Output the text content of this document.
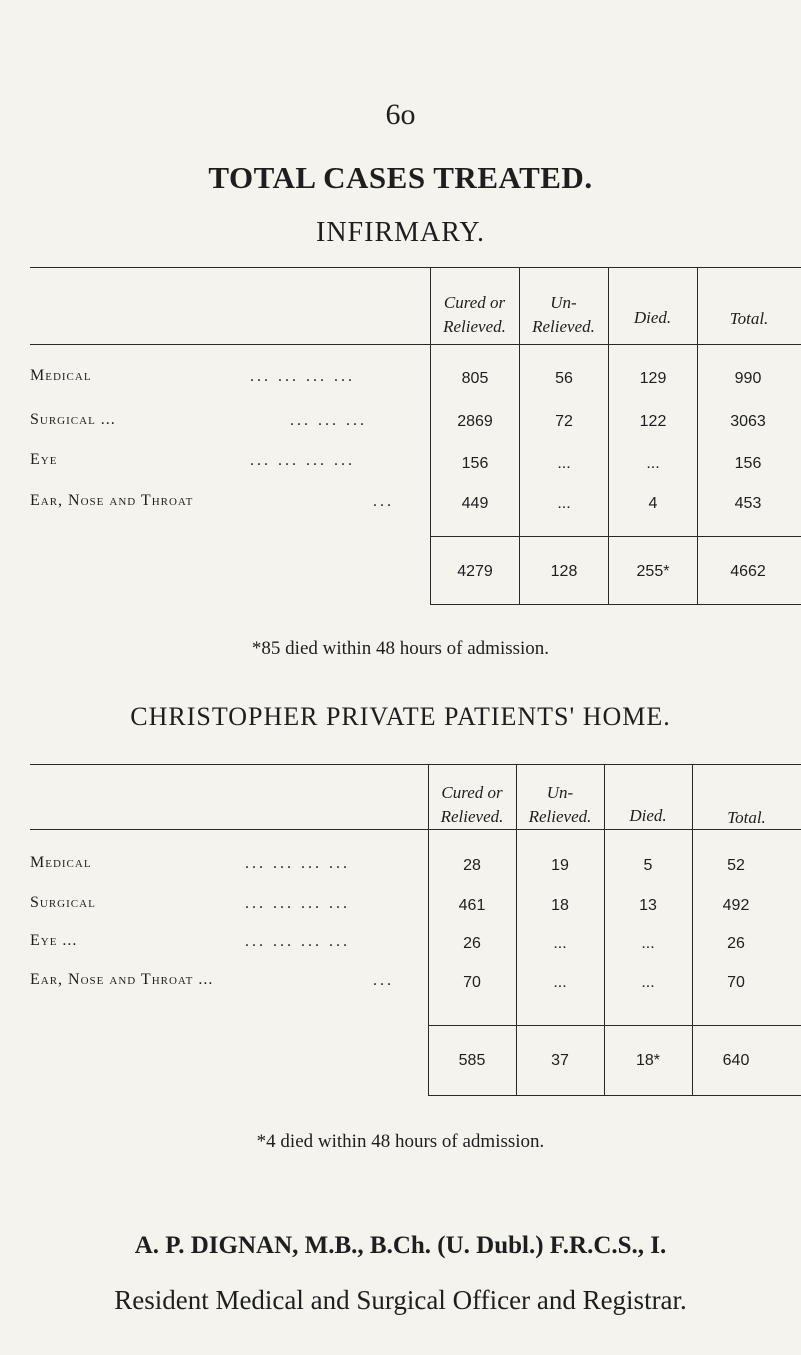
6o
TOTAL CASES TREATED.
INFIRMARY.
Cured or
Relieved.
Un-
Relieved.	Died.	Total.
Medical	... ... ... ...	805	56	129	990
Surgical ...	... ... ...	2869	72	122	3063
Eye	... ... ... ...	156	...	...	156
Ear, Nose and Throat	...	449	...	4	453
4279	128	255*	4662
*85 died within 48 hours of admission.
CHRISTOPHER PRIVATE PATIENTS' HOME.
Cured or
Relieved.
Un-
Relieved.	Died.	Total.
Medical	... ... ... ...	28	19	5	52
Surgical	... ... ... ...	461	18	13	492
Eye ...	... ... ... ...	26	...	...	26
Ear, Nose and Throat ...	...	70	...	...	70
585	37	18*	640
*4 died within 48 hours of admission.
A. P. DIGNAN, M.B., B.Ch. (U. Dubl.) F.R.C.S., I.
Resident Medical and Surgical Officer and Registrar.
